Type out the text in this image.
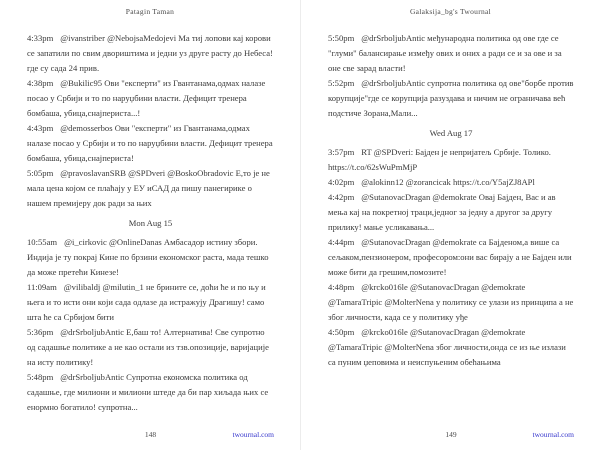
Patagin Taman

4:33pm @ivanstriber @NebojsaMedojevi Ма тиј лопови кај корови се запатили по свим двориштима и једни уз друге расту до Небеса! где су сада 24 прив.

4:38pm @Bukilic95 Ови "експерти" из Гвантанама,одмах налазе посао у Србији и то по наруџбини власти. Дефицит тренера бомбаша, убица,снајпериста...!

4:43pm @demosserbos Ови "експерти" из Гвантанама,одмах налазе посао у Србији и то по наруџбини власти. Дефицит тренера бомбаша, убица,снајпериста!

5:05pm @pravoslavanSRB @SPDveri @BoskoObradovic Е,то је не мала цена којом се плаћају у ЕУ иСАД да пишу панегирике о нашем премијеру док ради за њих

Mon Aug 15

10:55am @i_cirkovic @OnlineDanas Амбасадор истину збори. Индија је ту покрај Кине по брзини економског раста, мада тешко да може претећи Кинезе!

11:09am @vilibaldj @milutin_1 не брините се, доћи ће и по њу и њега и то исти они који сада одлазе да истражују Драгишу! само шта ће са Србијом бити

5:36pm @drSrboljubAntic Е,баш то! Алтернатива! Све супротно од садашње политике а не као остали из тзв.опозиције, варијације на исту политику!

5:48pm @drSrboljubAntic Супротна економска политика од садашње, где милиони и милиони штеде да би пар хиљада њих се енормно богатило! супротна...

148	twournal.com
Galaksija_bg's Twournal

5:50pm @drSrboljubAntic међународна политика од ове где се "глуми" балансирање између ових и оних а ради се и за ове и за оне све зарад власти!

5:52pm @drSrboljubAntic супротна политика од ове"борбе против корупције"где се корупција разуздава и ничим не ограничава већ подстиче Зорана,Мали...

Wed Aug 17

3:57pm RT @SPDveri: Бајден је непријатељ Србије. Толико. https://t.co/62sWuPmMjP

4:02pm @alokinn12 @zorancicak https://t.co/Y5ajZJ8APl

4:42pm @SutanovacDragan @demokrate Овај Бајден, Вас и ав мења кај на покретној траци,једног за једну а другог за другу прилику! мање усликавања...

4:44pm @SutanovacDragan @demokrate са Бајденом,а више са сељаком,пензионером, професором:они вас бирају а не Бајден или може бити да грешим,помозите!

4:48pm @krcko016le @SutanovacDragan @demokrate @TamaraTripic @MolterNena у политику се улази из принципа а не због личности, када се у политику уђе

4:50pm @krcko016le @SutanovacDragan @demokrate @TamaraTripic @MolterNena због личности,онда се из ње излази са пуним џеповима и неиспуњеним обећањима

149	twournal.com
